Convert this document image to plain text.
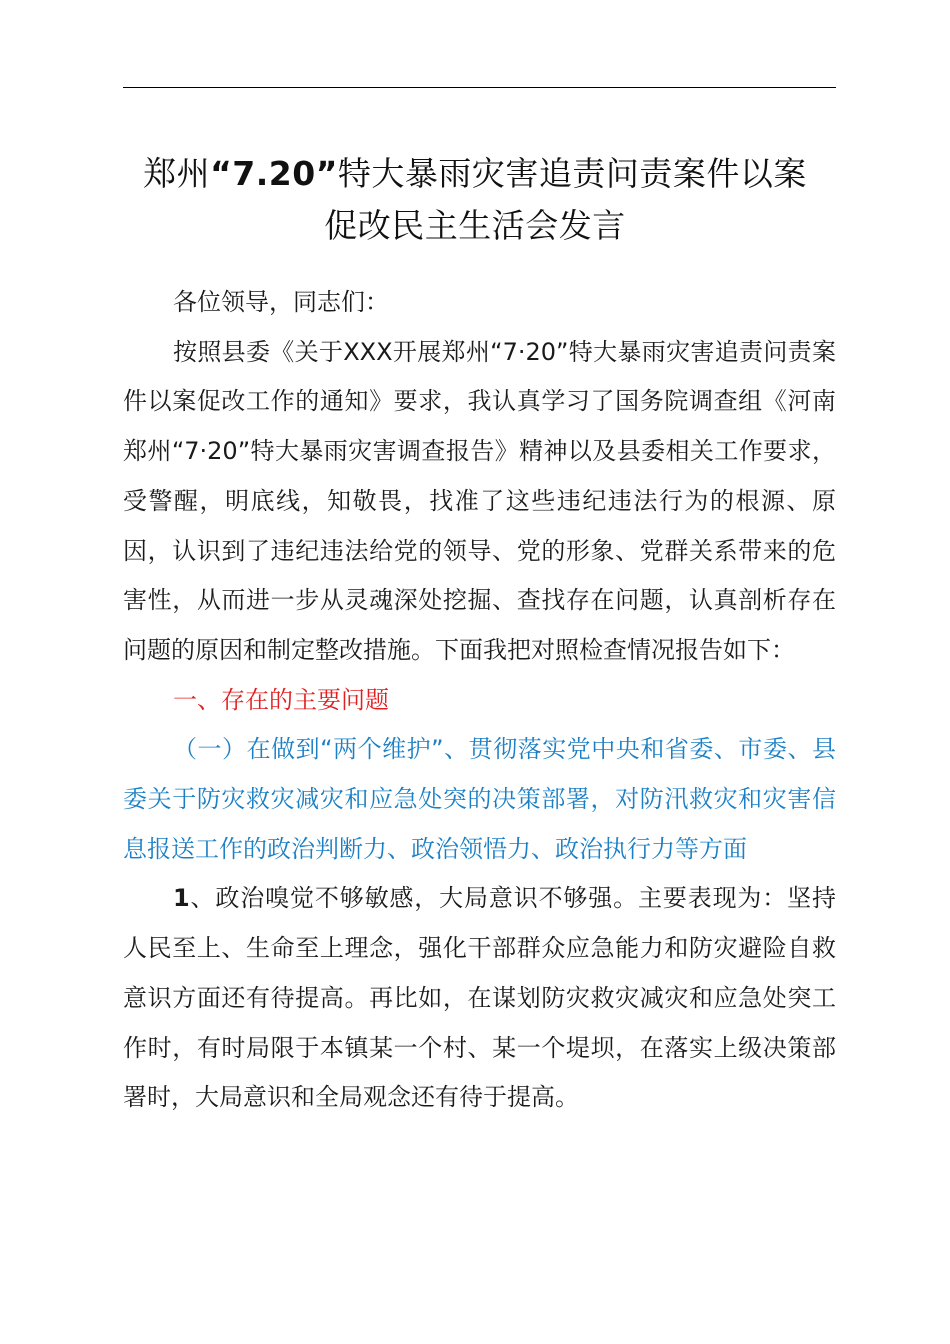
郑州“7.20”特大暴雨灾害追责问责案件以案
促改民主生活会发言

各位领导，同志们：

按照县委《关于XXX开展郑州“7·20”特大暴雨灾害追责问责案件以案促改工作的通知》要求，我认真学习了国务院调查组《河南郑州“7·20”特大暴雨灾害调查报告》精神以及县委相关工作要求，受警醒，明底线，知敬畏，找准了这些违纪违法行为的根源、原因，认识到了违纪违法给党的领导、党的形象、党群关系带来的危害性，从而进一步从灵魂深处挖掘、查找存在问题，认真剖析存在问题的原因和制定整改措施。下面我把对照检查情况报告如下：

一、存在的主要问题

（一）在做到“两个维护”、贯彻落实党中央和省委、市委、县委关于防灾救灾减灾和应急处突的决策部署，对防汛救灾和灾害信息报送工作的政治判断力、政治领悟力、政治执行力等方面

1、政治嗅觉不够敏感，大局意识不够强。主要表现为：坚持人民至上、生命至上理念，强化干部群众应急能力和防灾避险自救意识方面还有待提高。再比如，在谋划防灾救灾减灾和应急处突工作时，有时局限于本镇某一个村、某一个堤坝，在落实上级决策部署时，大局意识和全局观念还有待于提高。
